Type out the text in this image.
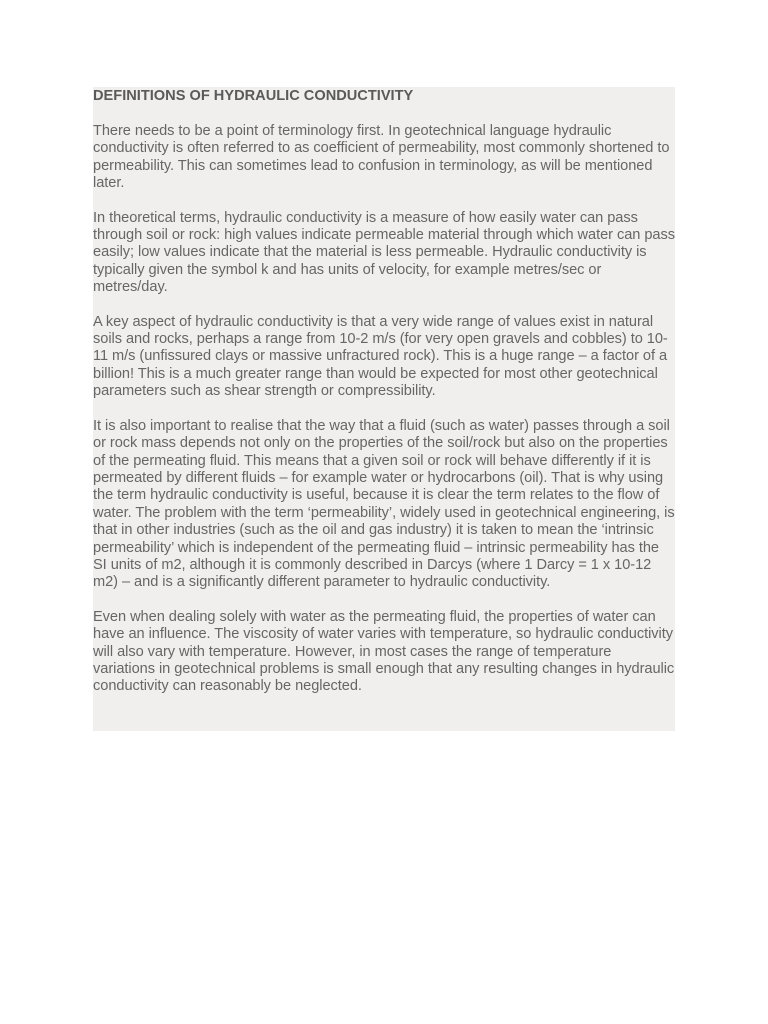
DEFINITIONS OF HYDRAULIC CONDUCTIVITY

There needs to be a point of terminology first. In geotechnical language hydraulic conductivity is often referred to as coefficient of permeability, most commonly shortened to permeability. This can sometimes lead to confusion in terminology, as will be mentioned later.

In theoretical terms, hydraulic conductivity is a measure of how easily water can pass through soil or rock: high values indicate permeable material through which water can pass easily; low values indicate that the material is less permeable. Hydraulic conductivity is typically given the symbol k and has units of velocity, for example metres/sec or metres/day.

A key aspect of hydraulic conductivity is that a very wide range of values exist in natural soils and rocks, perhaps a range from 10-2 m/s (for very open gravels and cobbles) to 10-11 m/s (unfissured clays or massive unfractured rock). This is a huge range – a factor of a billion! This is a much greater range than would be expected for most other geotechnical parameters such as shear strength or compressibility.

It is also important to realise that the way that a fluid (such as water) passes through a soil or rock mass depends not only on the properties of the soil/rock but also on the properties of the permeating fluid. This means that a given soil or rock will behave differently if it is permeated by different fluids – for example water or hydrocarbons (oil). That is why using the term hydraulic conductivity is useful, because it is clear the term relates to the flow of water. The problem with the term ‘permeability’, widely used in geotechnical engineering, is that in other industries (such as the oil and gas industry) it is taken to mean the ‘intrinsic permeability’ which is independent of the permeating fluid – intrinsic permeability has the SI units of m2, although it is commonly described in Darcys (where 1 Darcy = 1 x 10-12 m2) – and is a significantly different parameter to hydraulic conductivity.

Even when dealing solely with water as the permeating fluid, the properties of water can have an influence. The viscosity of water varies with temperature, so hydraulic conductivity will also vary with temperature. However, in most cases the range of temperature variations in geotechnical problems is small enough that any resulting changes in hydraulic conductivity can reasonably be neglected.
